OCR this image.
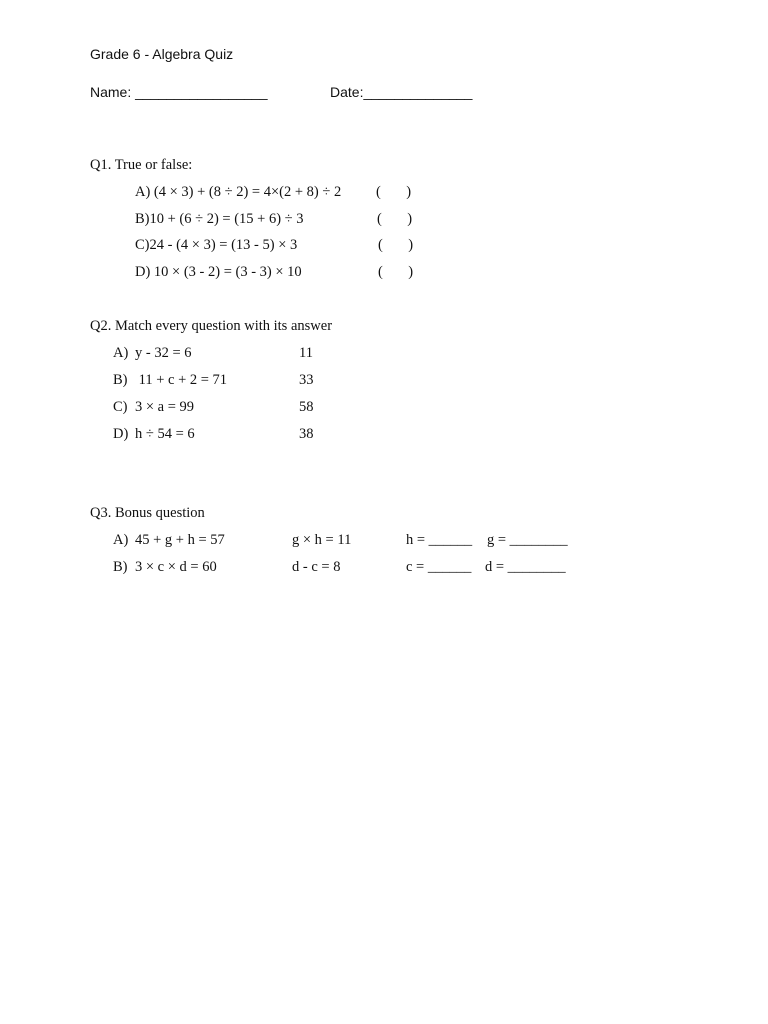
Grade 6 - Algebra Quiz
Name: _________________	Date:______________
Q1. True or false:
A) (4 × 3) + (8 ÷ 2) = 4×(2 + 8) ÷ 2 (       )
B)10 + (6 ÷ 2) = (15 + 6) ÷ 3	(       )
C)24 - (4 × 3) = (13 - 5) × 3	(       )
D) 10 × (3 - 2) = (3 - 3) × 10	(       )
Q2. Match every question with its answer
A) y - 32 = 6	11
B) 11 + c + 2 = 71	33
C) 3 × a = 99	58
D) h ÷ 54 = 6	38
Q3. Bonus question
A) 45 + g + h = 57	g × h = 11	h = ______ g = ________
B) 3 × c × d = 60	d - c = 8	c = ______ d = ________
